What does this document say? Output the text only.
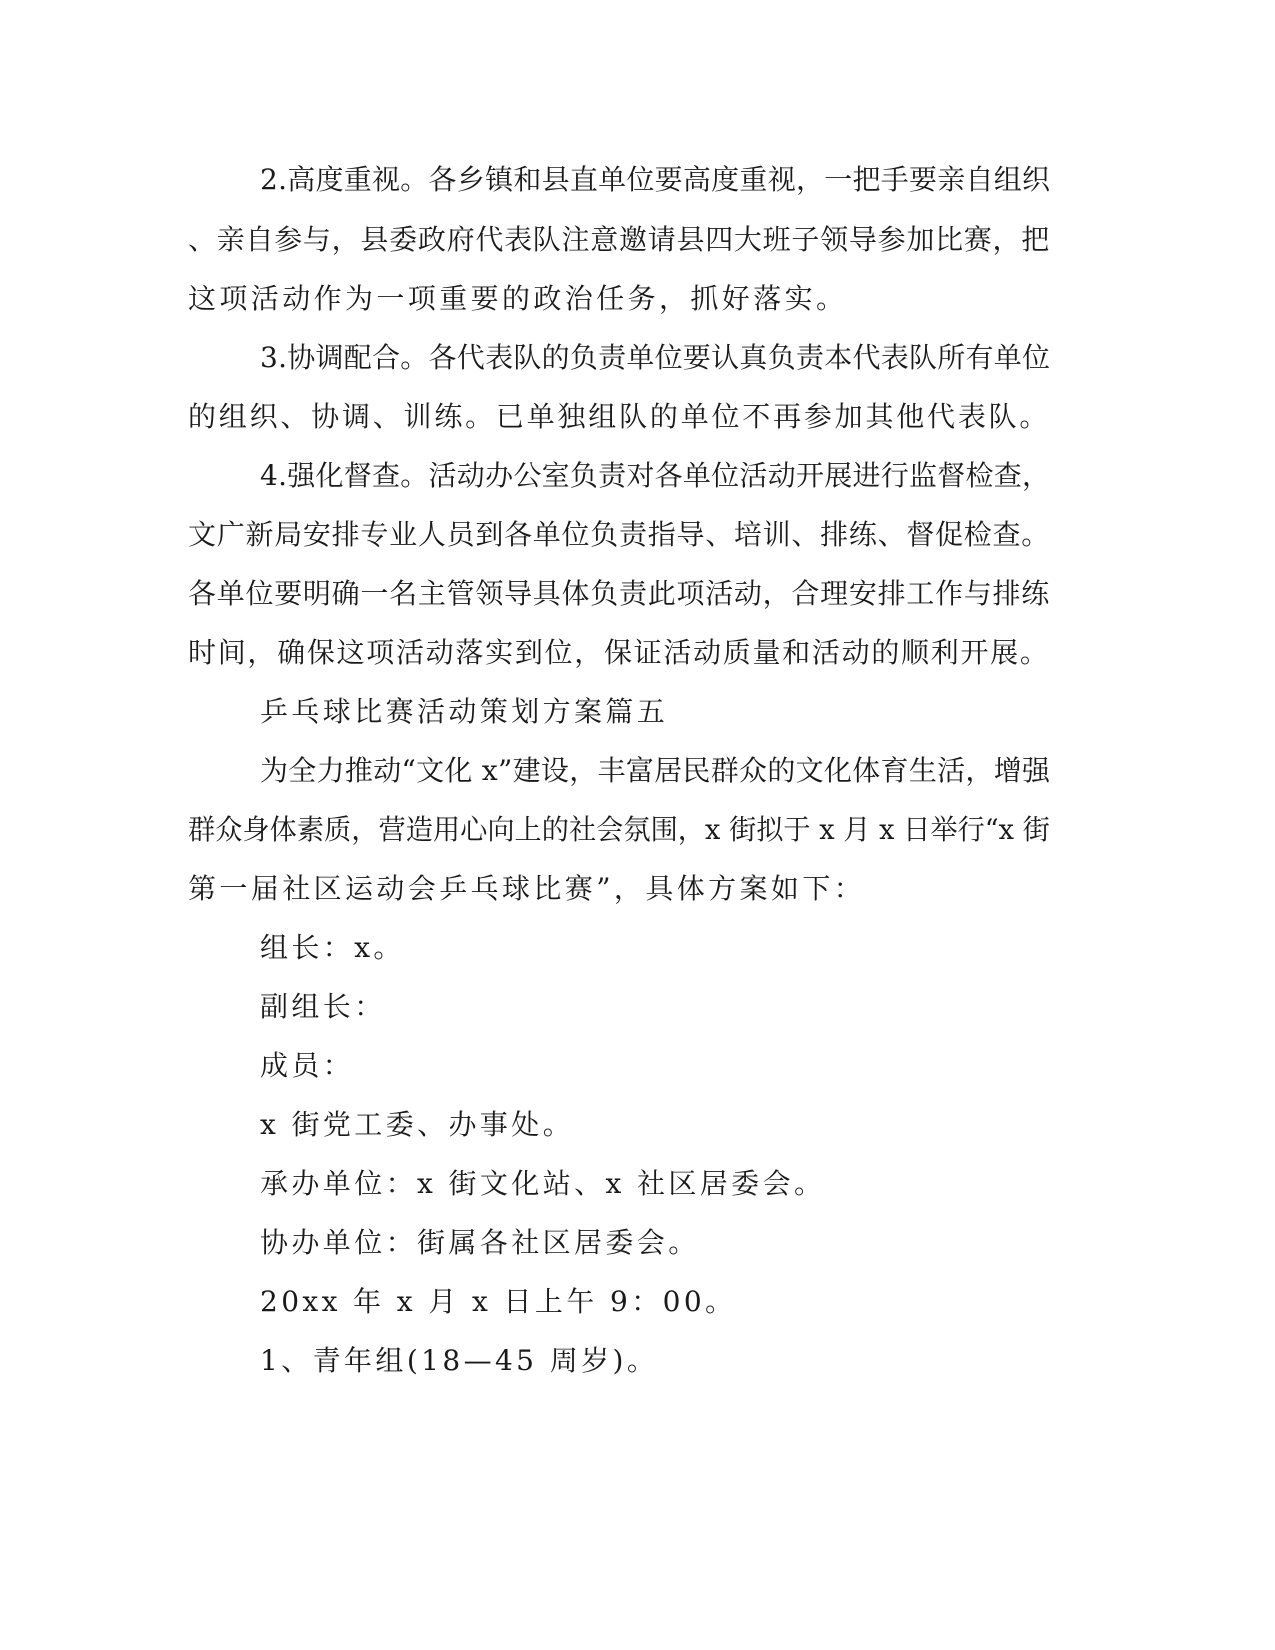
2.高度重视。各乡镇和县直单位要高度重视，一把手要亲自组织

、亲自参与，县委政府代表队注意邀请县四大班子领导参加比赛，把

这项活动作为一项重要的政治任务，抓好落实。

3.协调配合。各代表队的负责单位要认真负责本代表队所有单位

的组织、协调、训练。已单独组队的单位不再参加其他代表队。

4.强化督查。活动办公室负责对各单位活动开展进行监督检查，

文广新局安排专业人员到各单位负责指导、培训、排练、督促检查。

各单位要明确一名主管领导具体负责此项活动，合理安排工作与排练

时间，确保这项活动落实到位，保证活动质量和活动的顺利开展。

乒乓球比赛活动策划方案篇五

为全力推动“文化 x”建设，丰富居民群众的文化体育生活，增强

群众身体素质，营造用心向上的社会氛围，x 街拟于 x 月 x 日举行“x 街

第一届社区运动会乒乓球比赛”，具体方案如下：

组长：x。

副组长：

成员：

x 街党工委、办事处。

承办单位：x 街文化站、x 社区居委会。

协办单位：街属各社区居委会。

20xx 年 x 月 x 日上午 9：00。

1、青年组(18—45 周岁)。
